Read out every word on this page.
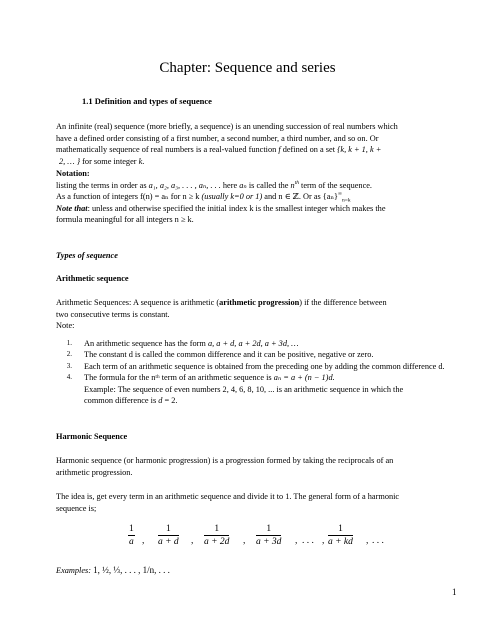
Chapter: Sequence and series
1.1 Definition and types of sequence
An infinite (real) sequence (more briefly, a sequence) is an unending succession of real numbers which
have a defined order consisting of a first number, a second number, a third number, and so on. Or
mathematically sequence of real numbers is a real-valued function f defined on a set {k, k + 1, k +
2, … } for some integer k.
Notation:
listing the terms in order as a₁, a₂, a₃, . . . , aₙ, . . . here aₙ is called the $n^{th}$ term of the sequence.
As a function of integers f(n) = aₙ for n ≥ k (usually k=0 or 1) and n ∈ ℤ. Or as $\{a_n\}^\infty_{n=k}$
Note that: unless and otherwise specified the initial index k is the smallest integer which makes the
formula meaningful for all integers n ≥ k.
Types of sequence
Arithmetic sequence
Arithmetic Sequences: A sequence is arithmetic (arithmetic progression) if the difference between
two consecutive terms is constant.
Note:
1. An arithmetic sequence has the form a, a + d, a + 2d, a + 3d, …
2. The constant d is called the common difference and it can be positive, negative or zero.
3. Each term of an arithmetic sequence is obtained from the preceding one by adding the common difference d.
4. The formula for the nᵗʰ term of an arithmetic sequence is aₙ = a + (n − 1)d.
Example: The sequence of even numbers 2, 4, 6, 8, 10, ... is an arithmetic sequence in which the
common difference is d = 2.
Harmonic Sequence
Harmonic sequence (or harmonic progression) is a progression formed by taking the reciprocals of an
arithmetic progression.
The idea is, get every term in an arithmetic sequence and divide it to 1. The general form of a harmonic
sequence is;
$\frac{1}{a}$ , $\frac{1}{a + d}$ , $\frac{1}{a + 2d}$ , $\frac{1}{a + 3d}$ , . . . , $\frac{1}{a + kd}$ , . . .
Examples: 1, ½, ⅓, . . . , 1/n, . . .
1
